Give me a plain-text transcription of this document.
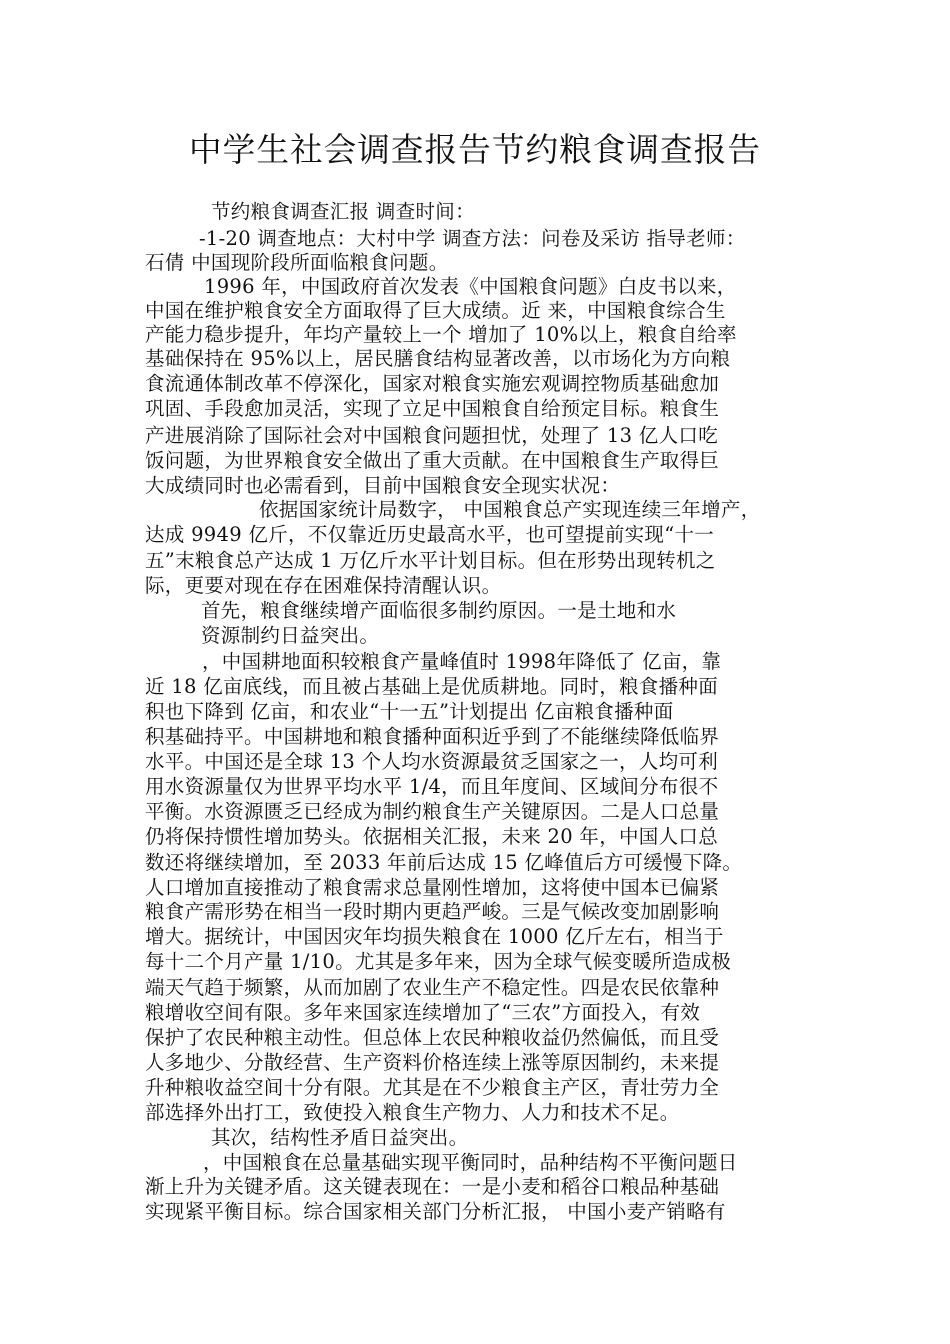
中学生社会调查报告节约粮食调查报告
节约粮食调查汇报 调查时间：
-1-20 调查地点：大村中学 调查方法：问卷及采访 指导老师：
石倩 中国现阶段所面临粮食问题。
1996 年，中国政府首次发表《中国粮食问题》白皮书以来，
中国在维护粮食安全方面取得了巨大成绩。近 来，中国粮食综合生
产能力稳步提升，年均产量较上一个 增加了 10%以上，粮食自给率
基础保持在 95%以上，居民膳食结构显著改善，以市场化为方向粮
食流通体制改革不停深化，国家对粮食实施宏观调控物质基础愈加
巩固、手段愈加灵活，实现了立足中国粮食自给预定目标。粮食生
产进展消除了国际社会对中国粮食问题担忧，处理了 13 亿人口吃
饭问题，为世界粮食安全做出了重大贡献。在中国粮食生产取得巨
大成绩同时也必需看到，目前中国粮食安全现实状况：
依据国家统计局数字， 中国粮食总产实现连续三年增产，
达成 9949 亿斤，不仅靠近历史最高水平，也可望提前实现“十一
五”末粮食总产达成 1 万亿斤水平计划目标。但在形势出现转机之
际，更要对现在存在困难保持清醒认识。
首先，粮食继续增产面临很多制约原因。一是土地和水
资源制约日益突出。
，中国耕地面积较粮食产量峰值时 1998年降低了 亿亩，靠
近 18 亿亩底线，而且被占基础上是优质耕地。同时，粮食播种面
积也下降到 亿亩，和农业“十一五”计划提出 亿亩粮食播种面
积基础持平。中国耕地和粮食播种面积近乎到了不能继续降低临界
水平。中国还是全球 13 个人均水资源最贫乏国家之一，人均可利
用水资源量仅为世界平均水平 1/4，而且年度间、区域间分布很不
平衡。水资源匮乏已经成为制约粮食生产关键原因。二是人口总量
仍将保持惯性增加势头。依据相关汇报，未来 20 年，中国人口总
数还将继续增加，至 2033 年前后达成 15 亿峰值后方可缓慢下降。
人口增加直接推动了粮食需求总量刚性增加，这将使中国本已偏紧
粮食产需形势在相当一段时期内更趋严峻。三是气候改变加剧影响
增大。据统计，中国因灾年均损失粮食在 1000 亿斤左右，相当于
每十二个月产量 1/10。尤其是多年来，因为全球气候变暖所造成极
端天气趋于频繁，从而加剧了农业生产不稳定性。四是农民依靠种
粮增收空间有限。多年来国家连续增加了“三农”方面投入，有效
保护了农民种粮主动性。但总体上农民种粮收益仍然偏低，而且受
人多地少、分散经营、生产资料价格连续上涨等原因制约，未来提
升种粮收益空间十分有限。尤其是在不少粮食主产区，青壮劳力全
部选择外出打工，致使投入粮食生产物力、人力和技术不足。
其次，结构性矛盾日益突出。
，中国粮食在总量基础实现平衡同时，品种结构不平衡问题日
渐上升为关键矛盾。这关键表现在：一是小麦和稻谷口粮品种基础
实现紧平衡目标。综合国家相关部门分析汇报， 中国小麦产销略有
